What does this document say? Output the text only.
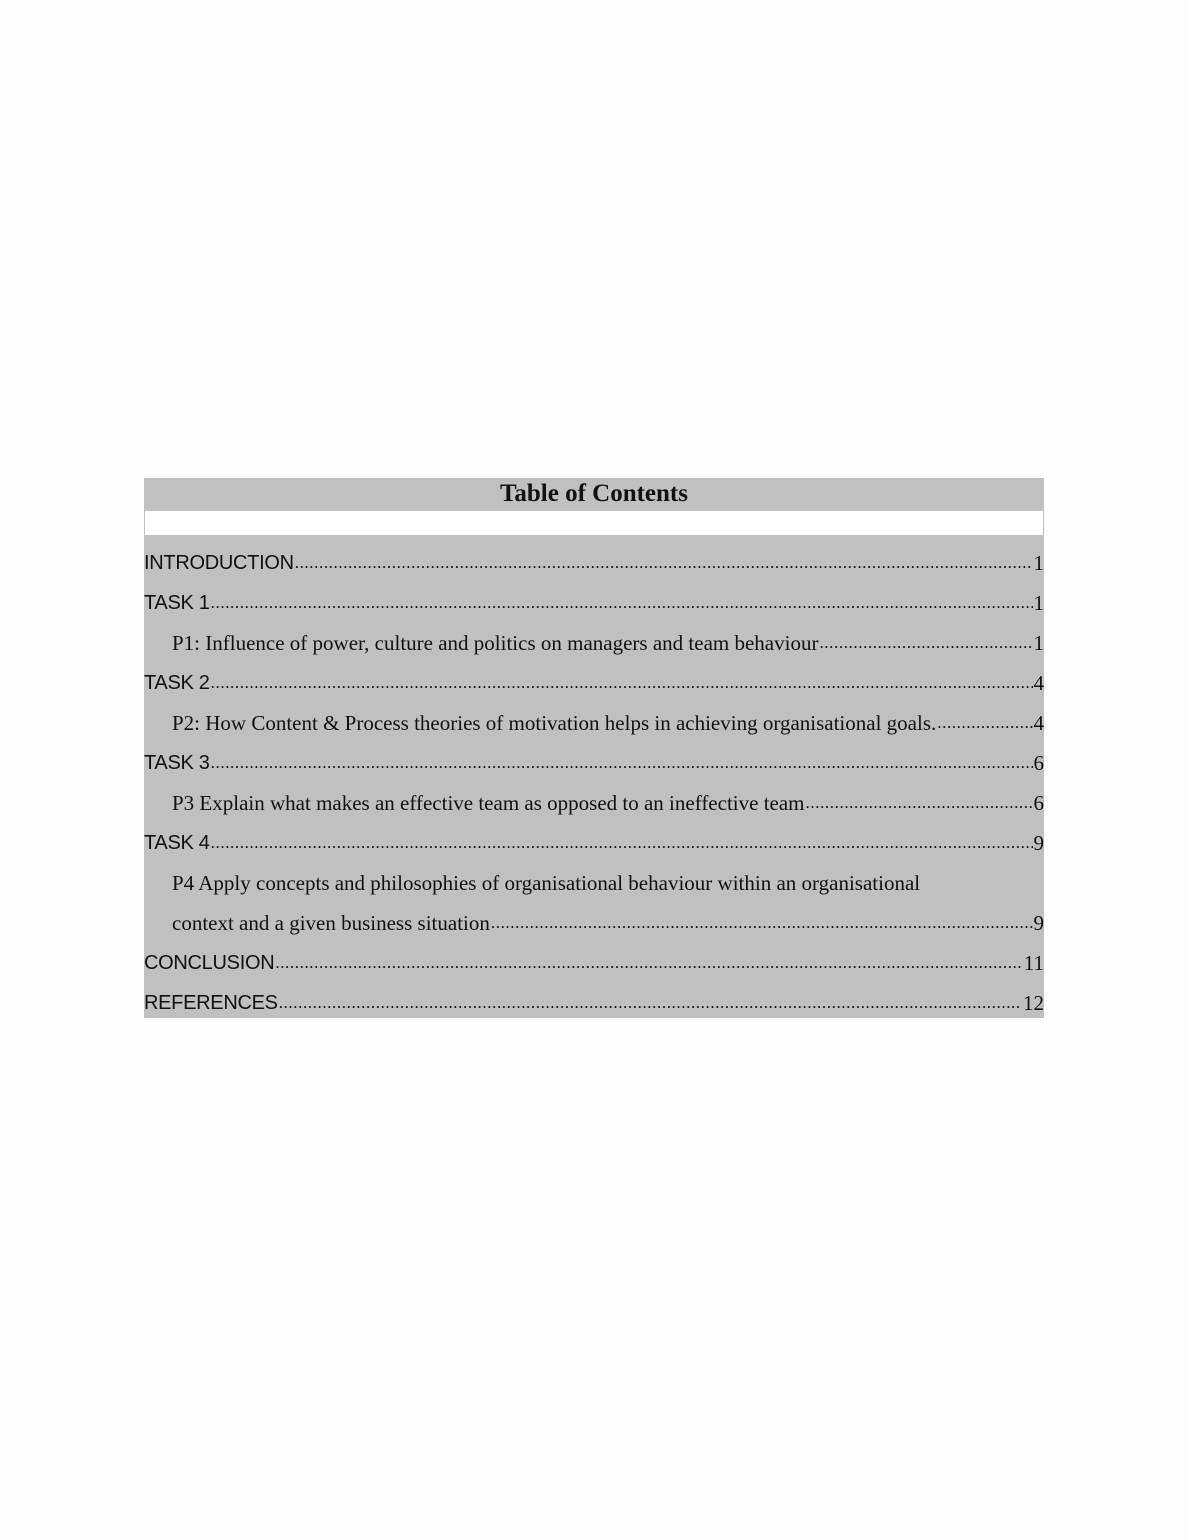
Table of Contents
INTRODUCTION .....	1
TASK 1 .....	1
P1: Influence of power, culture and politics on managers and team behaviour .....	1
TASK 2 .....	4
P2: How Content & Process theories of motivation helps in achieving organisational goals. .....	4
TASK 3 .....	6
P3 Explain what makes an effective team as opposed to an ineffective team .....	6
TASK 4 .....	9
P4 Apply concepts and philosophies of organisational behaviour within an organisational
context and a given business situation .....	9
CONCLUSION .....	11
REFERENCES .....	12
